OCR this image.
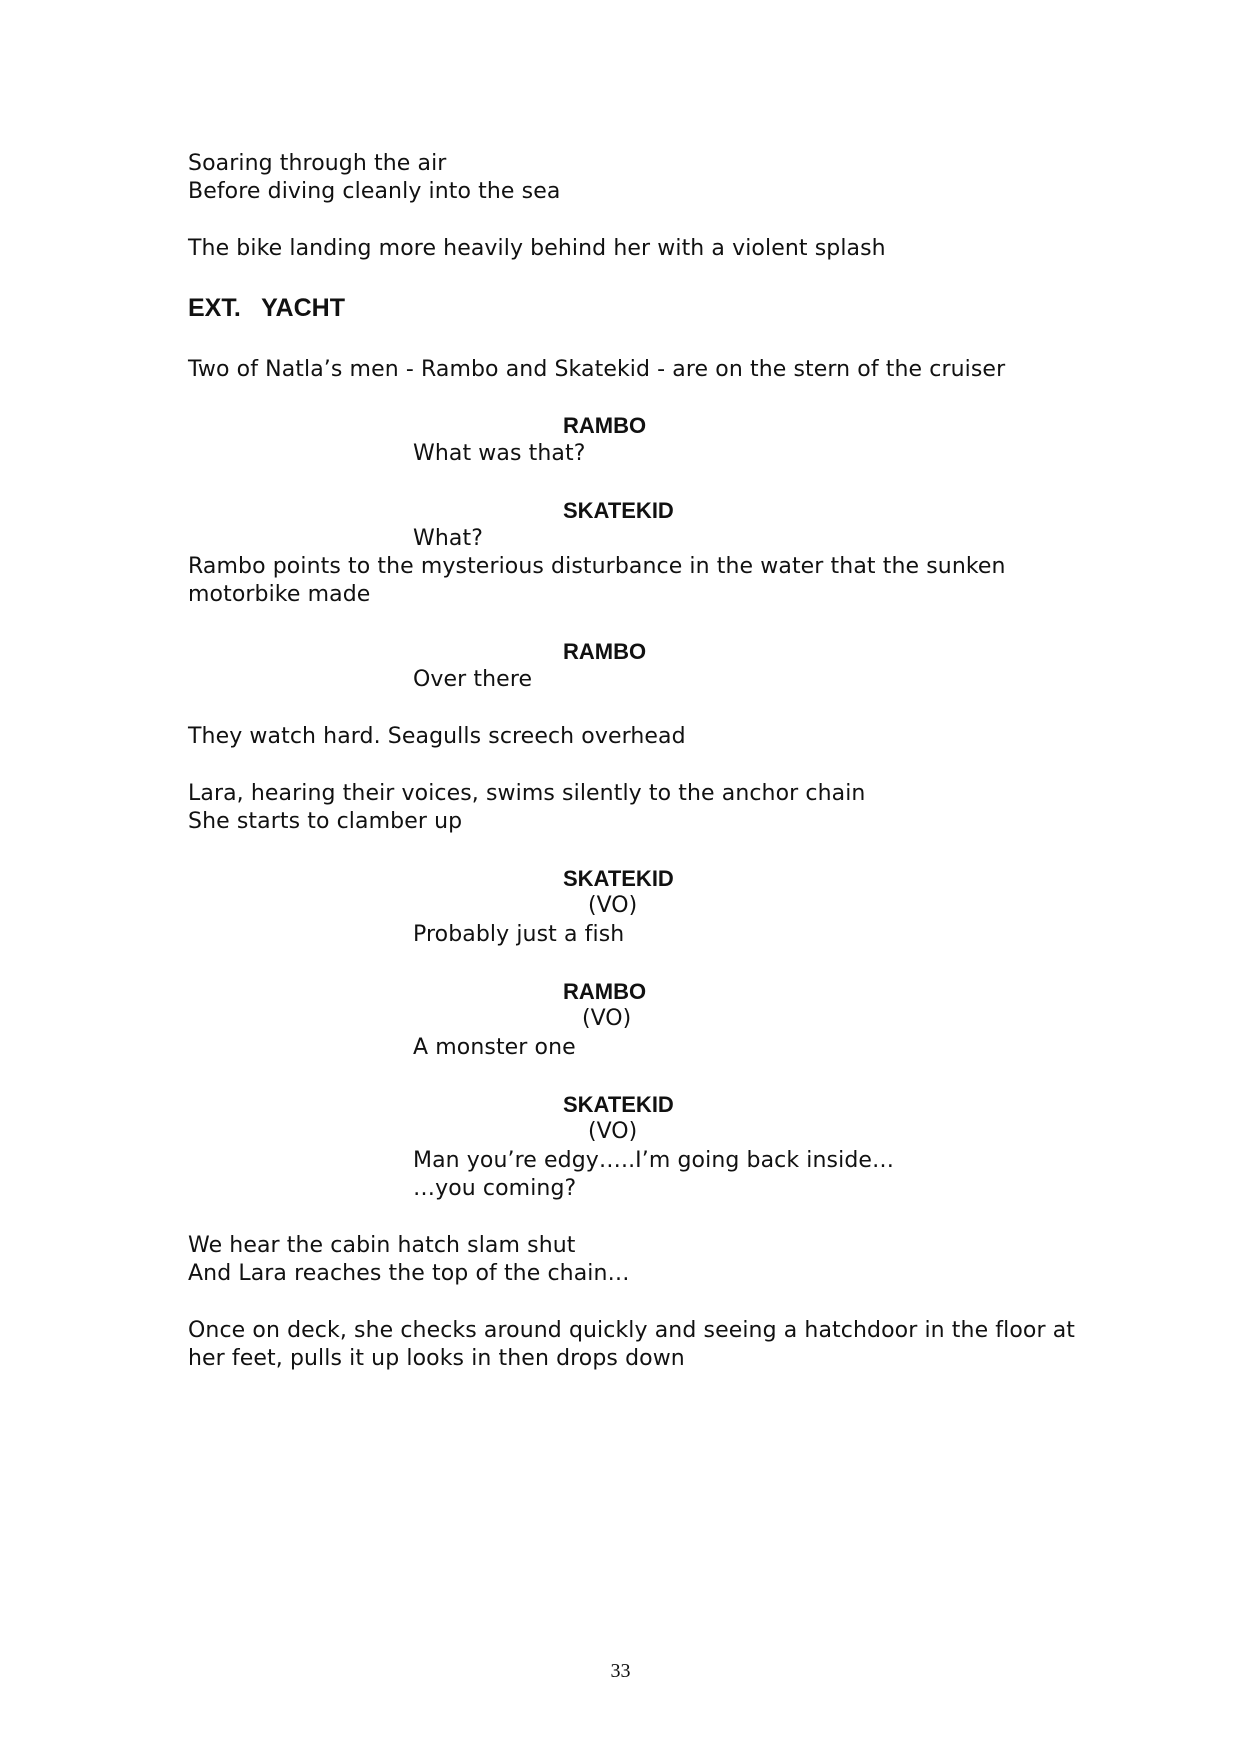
Soaring through the air
Before diving cleanly into the sea
The bike landing more heavily behind her with a violent splash
EXT.   YACHT
Two of Natla’s men - Rambo and Skatekid - are on the stern of the cruiser
RAMBO
What was that?
SKATEKID
What?
Rambo points to the mysterious disturbance in the water that the sunken
motorbike made
RAMBO
Over there
They watch hard. Seagulls screech overhead
Lara, hearing their voices, swims silently to the anchor chain
She starts to clamber up
SKATEKID
(VO)
Probably just a fish
RAMBO
(VO)
A monster one
SKATEKID
(VO)
Man you’re edgy…..I’m going back inside…
…you coming?
We hear the cabin hatch slam shut
And Lara reaches the top of the chain…
Once on deck, she checks around quickly and seeing a hatchdoor in the floor at
her feet, pulls it up looks in then drops down
33
